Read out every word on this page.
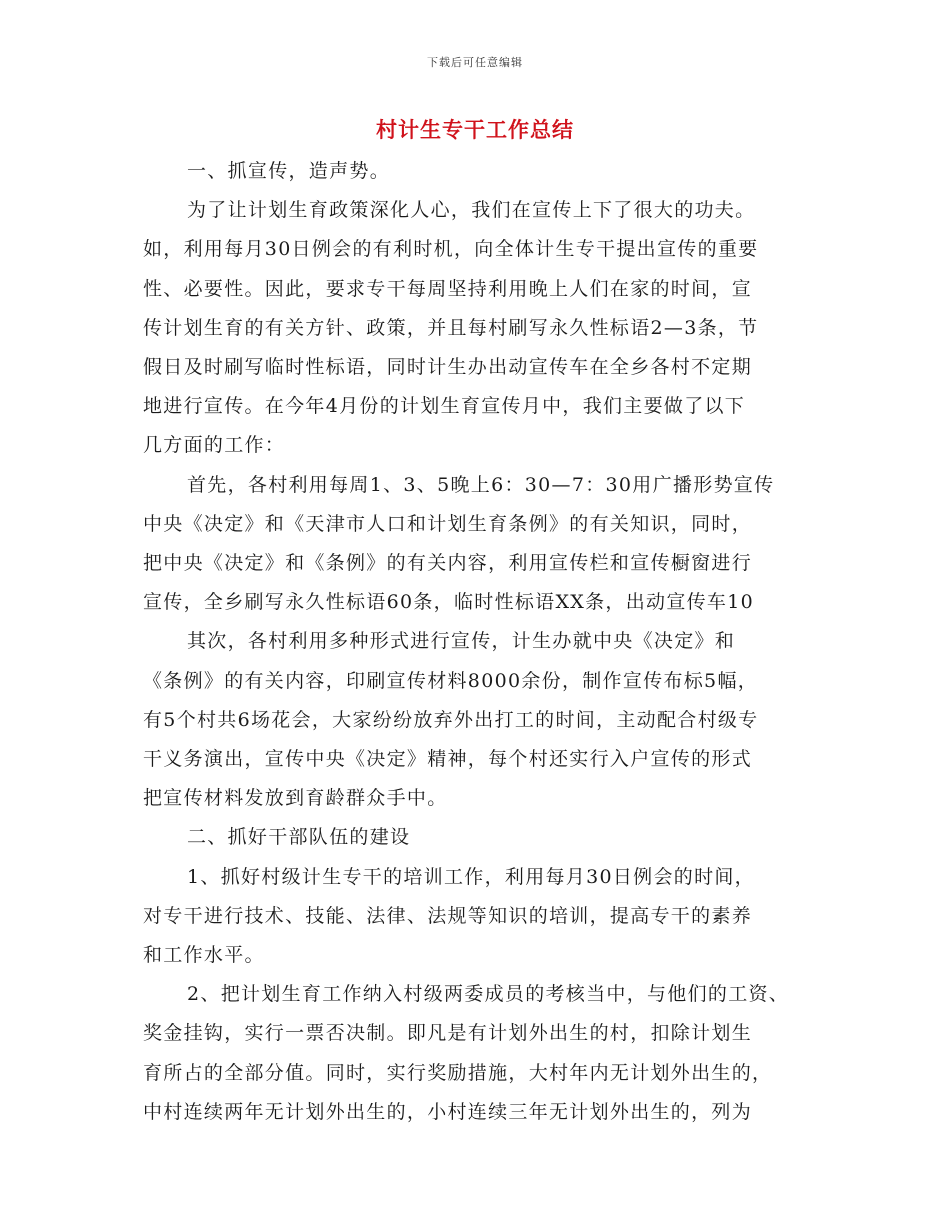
下载后可任意编辑
村计生专干工作总结

一、抓宣传，造声势。

为了让计划生育政策深化人心，我们在宣传上下了很大的功夫。

如，利用每月30日例会的有利时机，向全体计生专干提出宣传的重要

性、必要性。因此，要求专干每周坚持利用晚上人们在家的时间，宣

传计划生育的有关方针、政策，并且每村刷写永久性标语2—3条，节

假日及时刷写临时性标语，同时计生办出动宣传车在全乡各村不定期

地进行宣传。在今年4月份的计划生育宣传月中，我们主要做了以下

几方面的工作：

首先，各村利用每周1、3、5晚上6：30—7：30用广播形势宣传

中央《决定》和《天津市人口和计划生育条例》的有关知识，同时，

把中央《决定》和《条例》的有关内容，利用宣传栏和宣传橱窗进行

宣传，全乡刷写永久性标语60条，临时性标语XX条，出动宣传车10

其次，各村利用多种形式进行宣传，计生办就中央《决定》和

《条例》的有关内容，印刷宣传材料8000余份，制作宣传布标5幅，

有5个村共6场花会，大家纷纷放弃外出打工的时间，主动配合村级专

干义务演出，宣传中央《决定》精神，每个村还实行入户宣传的形式

把宣传材料发放到育龄群众手中。

二、抓好干部队伍的建设

1、抓好村级计生专干的培训工作，利用每月30日例会的时间，

对专干进行技术、技能、法律、法规等知识的培训，提高专干的素养

和工作水平。

2、把计划生育工作纳入村级两委成员的考核当中，与他们的工资、

奖金挂钩，实行一票否决制。即凡是有计划外出生的村，扣除计划生

育所占的全部分值。同时，实行奖励措施，大村年内无计划外出生的，

中村连续两年无计划外出生的，小村连续三年无计划外出生的，列为
